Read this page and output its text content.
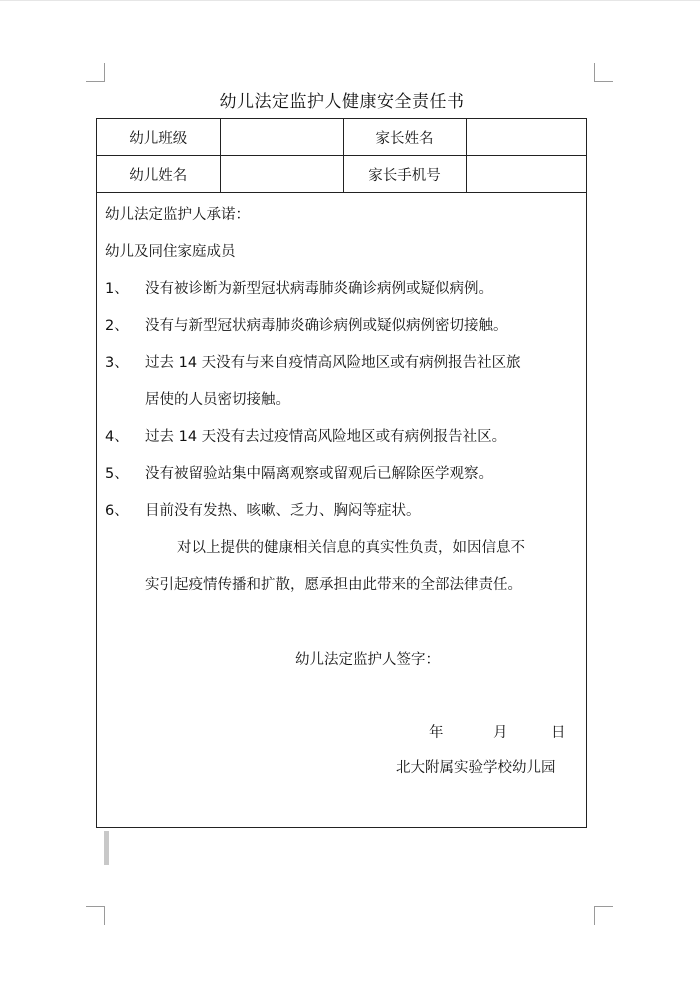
幼儿法定监护人健康安全责任书
幼儿班级		家长姓名	
幼儿姓名		家长手机号	
幼儿法定监护人承诺：
幼儿及同住家庭成员
1、 没有被诊断为新型冠状病毒肺炎确诊病例或疑似病例。
2、 没有与新型冠状病毒肺炎确诊病例或疑似病例密切接触。
3、 过去 14 天没有与来自疫情高风险地区或有病例报告社区旅
居使的人员密切接触。
4、 过去 14 天没有去过疫情高风险地区或有病例报告社区。
5、 没有被留验站集中隔离观察或留观后已解除医学观察。
6、 目前没有发热、咳嗽、乏力、胸闷等症状。
对以上提供的健康相关信息的真实性负责，如因信息不
实引起疫情传播和扩散，愿承担由此带来的全部法律责任。
幼儿法定监护人签字：
年	月	日
北大附属实验学校幼儿园
